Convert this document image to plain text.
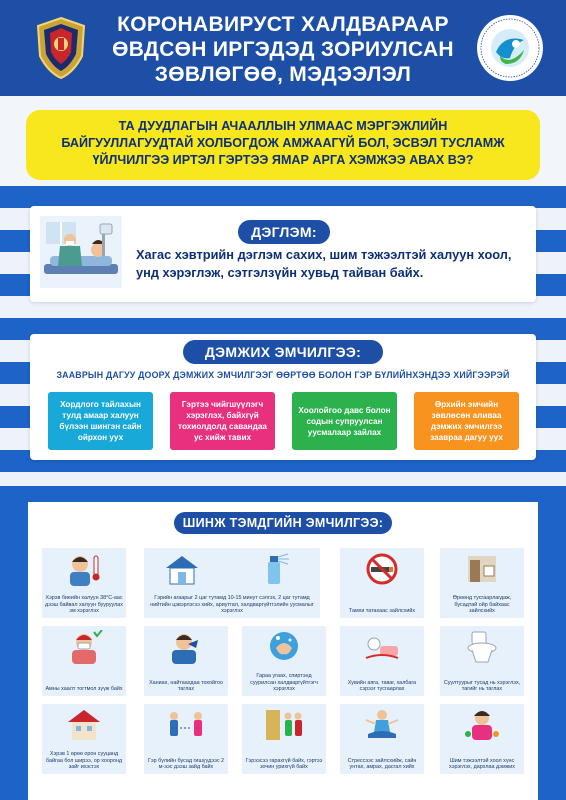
КОРОНАВИРУСТ ХАЛДВАРААР
ӨВДСӨН ИРГЭДЭД ЗОРИУЛСАН
ЗӨВЛӨГӨӨ, МЭДЭЭЛЭЛ
ТА ДУУДЛАГЫН АЧААЛЛЫН УЛМААС МЭРГЭЖЛИЙН
БАЙГУУЛЛАГУУДТАЙ ХОЛБОГДОЖ АМЖААГҮЙ БОЛ, ЭСВЭЛ ТУСЛАМЖ
ҮЙЛЧИЛГЭЭ ИРТЭЛ ГЭРТЭЭ ЯМАР АРГА ХЭМЖЭЭ АВАХ ВЭ?
ДЭГЛЭМ:
Хагас хэвтрийн дэглэм сахих, шим тэжээлтэй халуун хоол, унд хэрэглэж, сэтгэлзүйн хувьд тайван байх.
ДЭМЖИХ ЭМЧИЛГЭЭ:
ЗААВРЫН ДАГУУ ДООРХ ДЭМЖИХ ЭМЧИЛГЭЭГ ӨӨРТӨӨ БОЛОН ГЭР БҮЛИЙНХЭНДЭЭ ХИЙГЭЭРЭЙ
Хордлого тайлахын тулд амаар халуун бүлээн шингэн сайн ойрхон уух
Гэртээ чийгшүүлэгч хэрэглэх, байхгүй тохиолдолд савандаа ус хийж тавих
Хоолойгоо давс болон содын супруулсан уусмалаар зайлах
Өрхийн эмчийн зөвлөсөн аливаа дэмжих эмчилгээ заавраа дагуу уух
ШИНЖ ТЭМДГИЙН ЭМЧИЛГЭЭ:
Хэрэв биеийн халуун 38°C-аас дээш байвал халуун бууруулах эм хэрэглэх
Гэрийн агаарыг 2 цаг тутамд 10-15 минут сэлгэх, 2 цаг тутамд нийтийн цэвэрлэгээ хийх, ариутгал, халдваргүйтгэлийн уусмалыг хэрэглэх	Тамхи татахаас зайлсхийх
Өрөөнд тусгаарлагдаж, бусадтай ойр байхаас зайлсхийх
Амны хаалт тогтмол зүүж байх
Ханиах, найтаахдаа тохойгоо таглах
Гараа угаах, спиртэнд суурилсан халдваргүйтгэгч хэрэглэх
Хувийн аяга, таваг, халбага сэрээг тусгаарлах
Суултуурыг тусад нь хэрэглэх, тагийг нь таглах
Хэрэв 1 өрөө орон сууцанд байгаа бол ширээ, ор хооронд зайг ихэсгэх
Гэр бүлийн бусад гишүүдээс 2 м-ээс дээш зайд байх
Гэрээсээ гарахгүй байх, гэртээ зочин урихгүй байх
Стрессээс зайлсхийж, сайн унтах, амрах, дасгал хийх
Шим тэжээлтэй хоол хүнс хэрэглэх, дархлаа дэмжих
